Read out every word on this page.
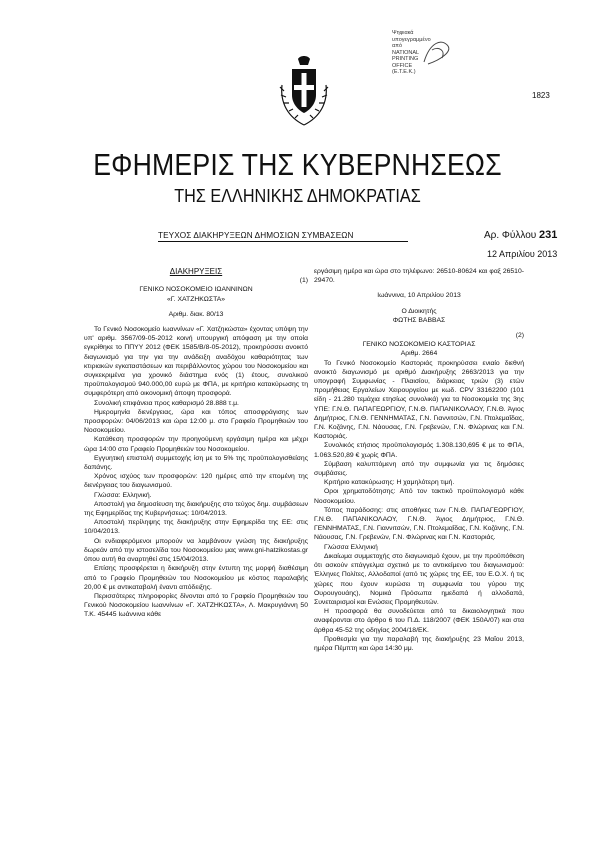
Ψηφιακά
υπογεγραμμένο
από
NATIONAL
PRINTING
OFFICE
(Ε.Τ.Ε.Κ.)
1823
ΕΦΗΜΕΡΙΣ ΤΗΣ ΚΥΒΕΡΝΗΣΕΩΣ
ΤΗΣ ΕΛΛΗΝΙΚΗΣ ΔΗΜΟΚΡΑΤΙΑΣ
ΤΕΥΧΟΣ ΔΙΑΚΗΡΥΞΕΩΝ ΔΗΜΟΣΙΩΝ ΣΥΜΒΑΣΕΩΝ	Αρ. Φύλλου 231
12 Απριλίου 2013

ΔΙΑΚΗΡΥΞΕΙΣ

(1)

ΓΕΝΙΚΟ ΝΟΣΟΚΟΜΕΙΟ ΙΩΑΝΝΙΝΩΝ

«Γ. ΧΑΤΖΗΚΩΣΤΑ»

Αριθμ. διακ. 80/13

Το Γενικό Νοσοκομείο Ιωαννίνων «Γ. Χατζηκώστα» έχοντας υπόψη την υπ' αριθμ. 3567/09-05-2012 κοινή υπουργική απόφαση με την οποία εγκρίθηκε το ΠΠΥΥ 2012 (ΦΕΚ 1585/Β/8-05-2012), προκηρύσσει ανοικτό διαγωνισμό για την για την ανάδειξη αναδόχου καθαριότητας των κτιριακών εγκαταστάσεων και περιβάλλοντος χώρου του Νοσοκομείου και συγκεκριμένα για χρονικό διάστημα ενός (1) έτους, συνολικού προϋπολογισμού 940.000,00 ευρώ με ΦΠΑ, με κριτήριο κατακύρωσης τη συμφερότερη από οικονομική άποψη προσφορά.

Συνολική επιφάνεια προς καθαρισμό 28.888 τ.μ.

Ημερομηνία διενέργειας, ώρα και τόπος αποσφράγισης των προσφορών: 04/06/2013 και ώρα 12:00 μ. στο Γραφείο Προμηθειών του Νοσοκομείου.

Κατάθεση προσφορών την προηγούμενη εργάσιμη ημέρα και μέχρι ώρα 14:00 στο Γραφείο Προμηθειών του Νοσοκομείου.

Εγγυητική επιστολή συμμετοχής ίση με το 5% της προϋπολογισθείσης δαπάνης.

Χρόνος ισχύος των προσφορών: 120 ημέρες από την επομένη της διενέργειας του διαγωνισμού.

Γλώσσα: Ελληνική.

Αποστολή για δημοσίευση της διακήρυξης στο τεύχος δημ. συμβάσεων της Εφημερίδας της Κυβερνήσεως: 10/04/2013.

Αποστολή περίληψης της διακήρυξης στην Εφημερίδα της ΕΕ: στις 10/04/2013.

Οι ενδιαφερόμενοι μπορούν να λαμβάνουν γνώση της διακήρυξης δωρεάν από την ιστοσελίδα του Νοσοκομείου μας www.gni-hatzikostas.gr όπου αυτή θα αναρτηθεί στις 15/04/2013.

Επίσης προσφέρεται η διακήρυξη στην έντυπη της μορφή διαθέσιμη από το Γραφείο Προμηθειών του Νοσοκομείου με κόστος παραλαβής 20,00 € με αντικαταβολή έναντι απόδειξης.

Περισσότερες πληροφορίες δίνονται από το Γραφείο Προμηθειών του Γενικού Νοσοκομείου Ιωαννίνων «Γ. ΧΑΤΖΗΚΩΣΤΑ», Λ. Μακρυγιάννη 50 Τ.Κ. 45445 Ιωάννινα κάθε

εργάσιμη ημέρα και ώρα στο τηλέφωνο: 26510-80624 και φαξ 26510-29470.

Ιωάννινα, 10 Απριλίου 2013

Ο Διοικητής

ΦΩΤΗΣ ΒΑΒΒΑΣ

(2)

ΓΕΝΙΚΟ ΝΟΣΟΚΟΜΕΙΟ ΚΑΣΤΟΡΙΑΣ

Αριθμ. 2664

Το Γενικό Νοσοκομείο Καστοριάς προκηρύσσει ενιαίο διεθνή ανοικτό διαγωνισμό με αριθμό Διακήρυξης 2663/2013 για την υπογραφή Συμφωνίας - Πλαισίου, διάρκειας τριών (3) ετών προμήθειας Εργαλείων Χειρουργείου με κωδ. CPV 33162200 (101 είδη - 21.280 τεμάχια ετησίως συνολικά) για τα Νοσοκομεία της 3ης ΥΠΕ: Γ.Ν.Θ. ΠΑΠΑΓΕΩΡΓΙΟΥ, Γ.Ν.Θ. ΠΑΠΑΝΙΚΟΛΑΟΥ, Γ.Ν.Θ. Άγιος Δημήτριος, Γ.Ν.Θ. ΓΕΝΝΗΜΑΤΑΣ, Γ.Ν. Γιαννιτσών, Γ.Ν. Πτολεμαΐδας, Γ.Ν. Κοζάνης, Γ.Ν. Νάουσας, Γ.Ν. Γρεβενών, Γ.Ν. Φλώρινας και Γ.Ν. Καστοριάς.

Συνολικός ετήσιος προϋπολογισμός 1.308.130,695 € με το ΦΠΑ, 1.063.520,89 € χωρίς ΦΠΑ.

Σύμβαση καλυπτόμενη από την συμφωνία για τις δημόσιες συμβάσεις.

Κριτήριο κατακύρωσης: Η χαμηλότερη τιμή.

Οροι χρηματοδότησης: Από τον τακτικό προϋπολογισμό κάθε Νοσοκομείου.

Τόπος παράδοσης: στις αποθήκες των Γ.Ν.Θ. ΠΑΠΑΓΕΩΡΓΙΟΥ, Γ.Ν.Θ. ΠΑΠΑΝΙΚΟΛΑΟΥ, Γ.Ν.Θ. Άγιος Δημήτριος, Γ.Ν.Θ. ΓΕΝΝΗΜΑΤΑΣ, Γ.Ν. Γιαννιτσών, Γ.Ν. Πτολεμαΐδας, Γ.Ν. Κοζάνης, Γ.Ν. Νάουσας, Γ.Ν. Γρεβενών, Γ.Ν. Φλώρινας και Γ.Ν. Καστοριάς.

Γλώσσα Ελληνική

Δικαίωμα συμμετοχής στο διαγωνισμό έχουν, με την προϋπόθεση ότι ασκούν επάγγελμα σχετικό με το αντικείμενο του διαγωνισμού: Έλληνες Πολίτες, Αλλοδαποί (από τις χώρες της ΕΕ, του Ε.Ο.Χ. ή τις χώρες που έχουν κυρώσει τη συμφωνία του γύρου της Ουρουγουάης), Νομικά Πρόσωπα ημεδαπά ή αλλοδαπά, Συνεταιρισμοί και Ενώσεις Προμηθευτών.

Η προσφορά θα συνοδεύεται από τα δικαιολογητικά που αναφέρονται στο άρθρο 6 του Π.Δ. 118/2007 (ΦΕΚ 150Α/07) και στα άρθρα 45-52 της οδηγίας 2004/18/ΕΚ.

Προθεσμία για την παραλαβή της διακήρυξης 23 Μαΐου 2013, ημέρα Πέμπτη και ώρα 14:30 μμ.
